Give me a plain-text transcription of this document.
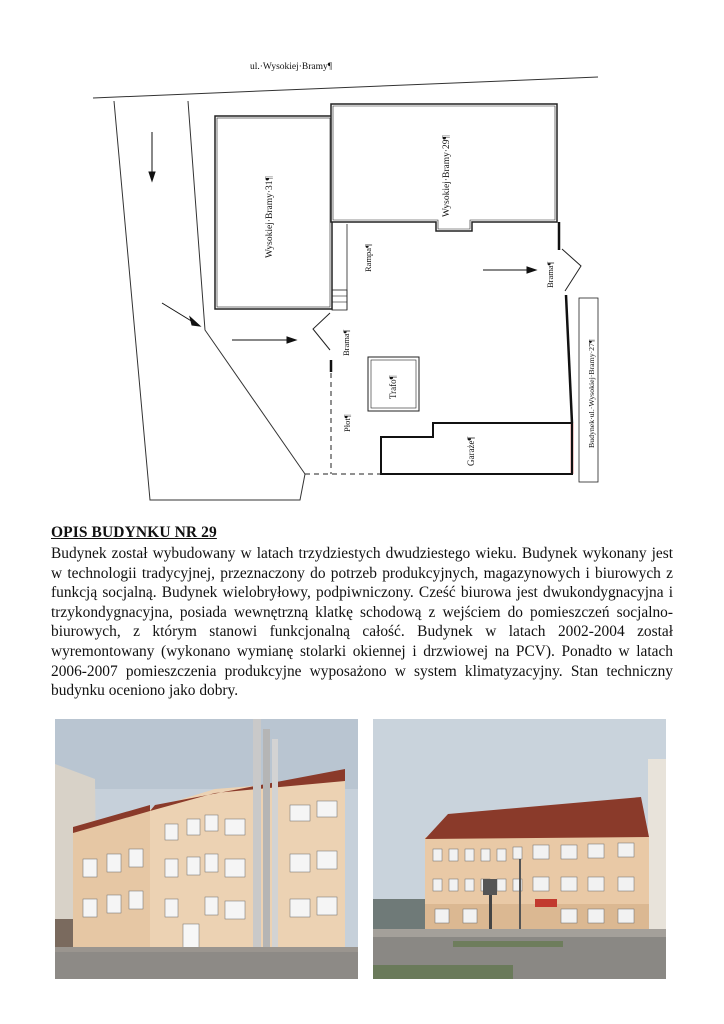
ul.·Wysokiej·Bramy¶
Wysokiej·Bramy·31¶
Rampa¶
Wysokiej·Bramy·29¶
Brama¶
Budynek·ul.·Wysokiej·Bramy·27¶
Garaże¶
Trafo¶
Brama¶
Płot¶
OPIS BUDYNKU NR 29

Budynek został wybudowany w latach trzydziestych dwudziestego wieku. Budynek wykonany jest w technologii tradycyjnej, przeznaczony do potrzeb produkcyjnych, magazynowych i biurowych z funkcją socjalną. Budynek wielobryłowy, podpiwniczony. Cześć biurowa jest dwukondygnacyjna i trzykondygnacyjna, posiada wewnętrzną klatkę schodową z wejściem do pomieszczeń socjalno-biurowych, z którym stanowi funkcjonalną całość. Budynek w latach 2002-2004 został wyremontowany (wykonano wymianę stolarki okiennej i drzwiowej na PCV). Ponadto w latach 2006-2007 pomieszczenia produkcyjne wyposażono w system klimatyzacyjny. Stan techniczny budynku oceniono jako dobry.
